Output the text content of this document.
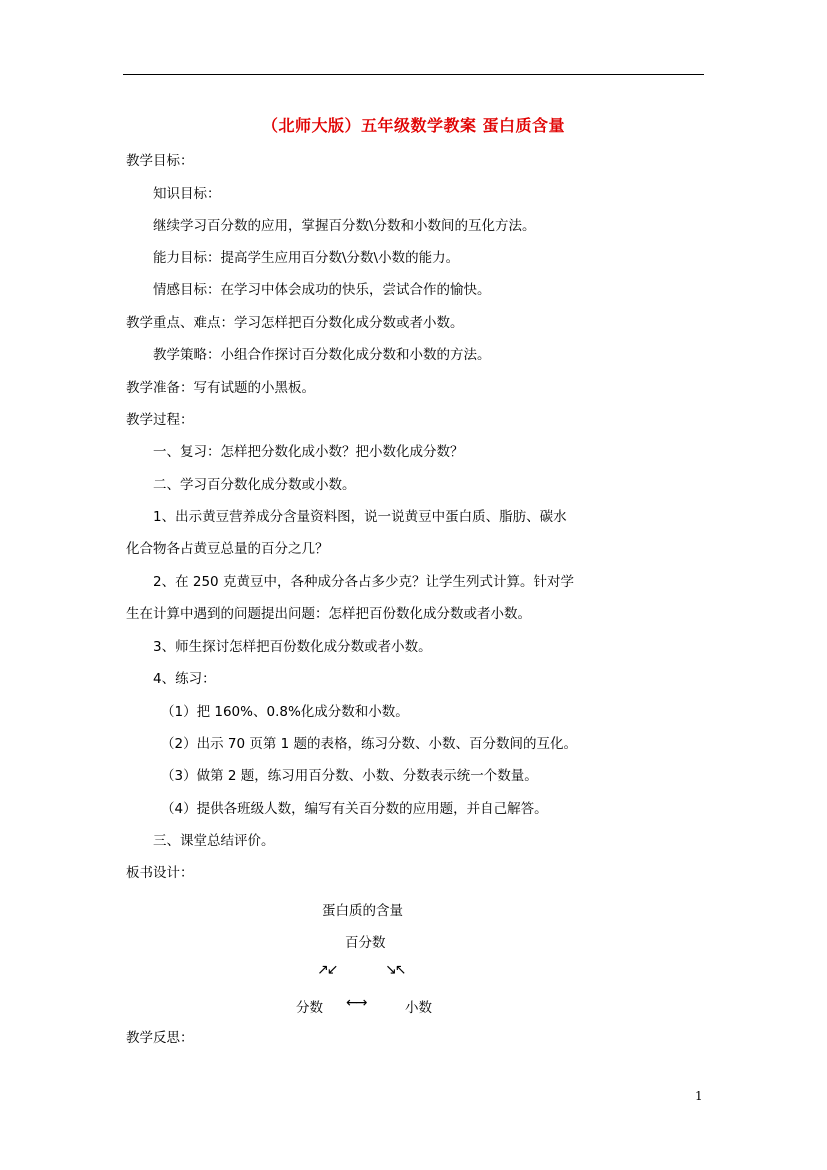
（北师大版）五年级数学教案 蛋白质含量
教学目标：
知识目标：
继续学习百分数的应用，掌握百分数\分数和小数间的互化方法。
能力目标：提高学生应用百分数\分数\小数的能力。
情感目标：在学习中体会成功的快乐，尝试合作的愉快。
教学重点、难点：学习怎样把百分数化成分数或者小数。
教学策略：小组合作探讨百分数化成分数和小数的方法。
教学准备：写有试题的小黑板。
教学过程：
一、复习：怎样把分数化成小数？把小数化成分数？
二、学习百分数化成分数或小数。
1、出示黄豆营养成分含量资料图，说一说黄豆中蛋白质、脂肪、碳水
化合物各占黄豆总量的百分之几？
2、在 250 克黄豆中，各种成分各占多少克？让学生列式计算。针对学
生在计算中遇到的问题提出问题：怎样把百份数化成分数或者小数。
3、师生探讨怎样把百份数化成分数或者小数。
4、练习：
（1）把 160%、0.8%化成分数和小数。
（2）出示 70 页第 1 题的表格，练习分数、小数、百分数间的互化。
（3）做第 2 题，练习用百分数、小数、分数表示统一个数量。
（4）提供各班级人数，编写有关百分数的应用题，并自己解答。
三、课堂总结评价。
板书设计：
蛋白质的含量
百分数
↗↙	↘↖
分数 ←→	小数
教学反思：
1
